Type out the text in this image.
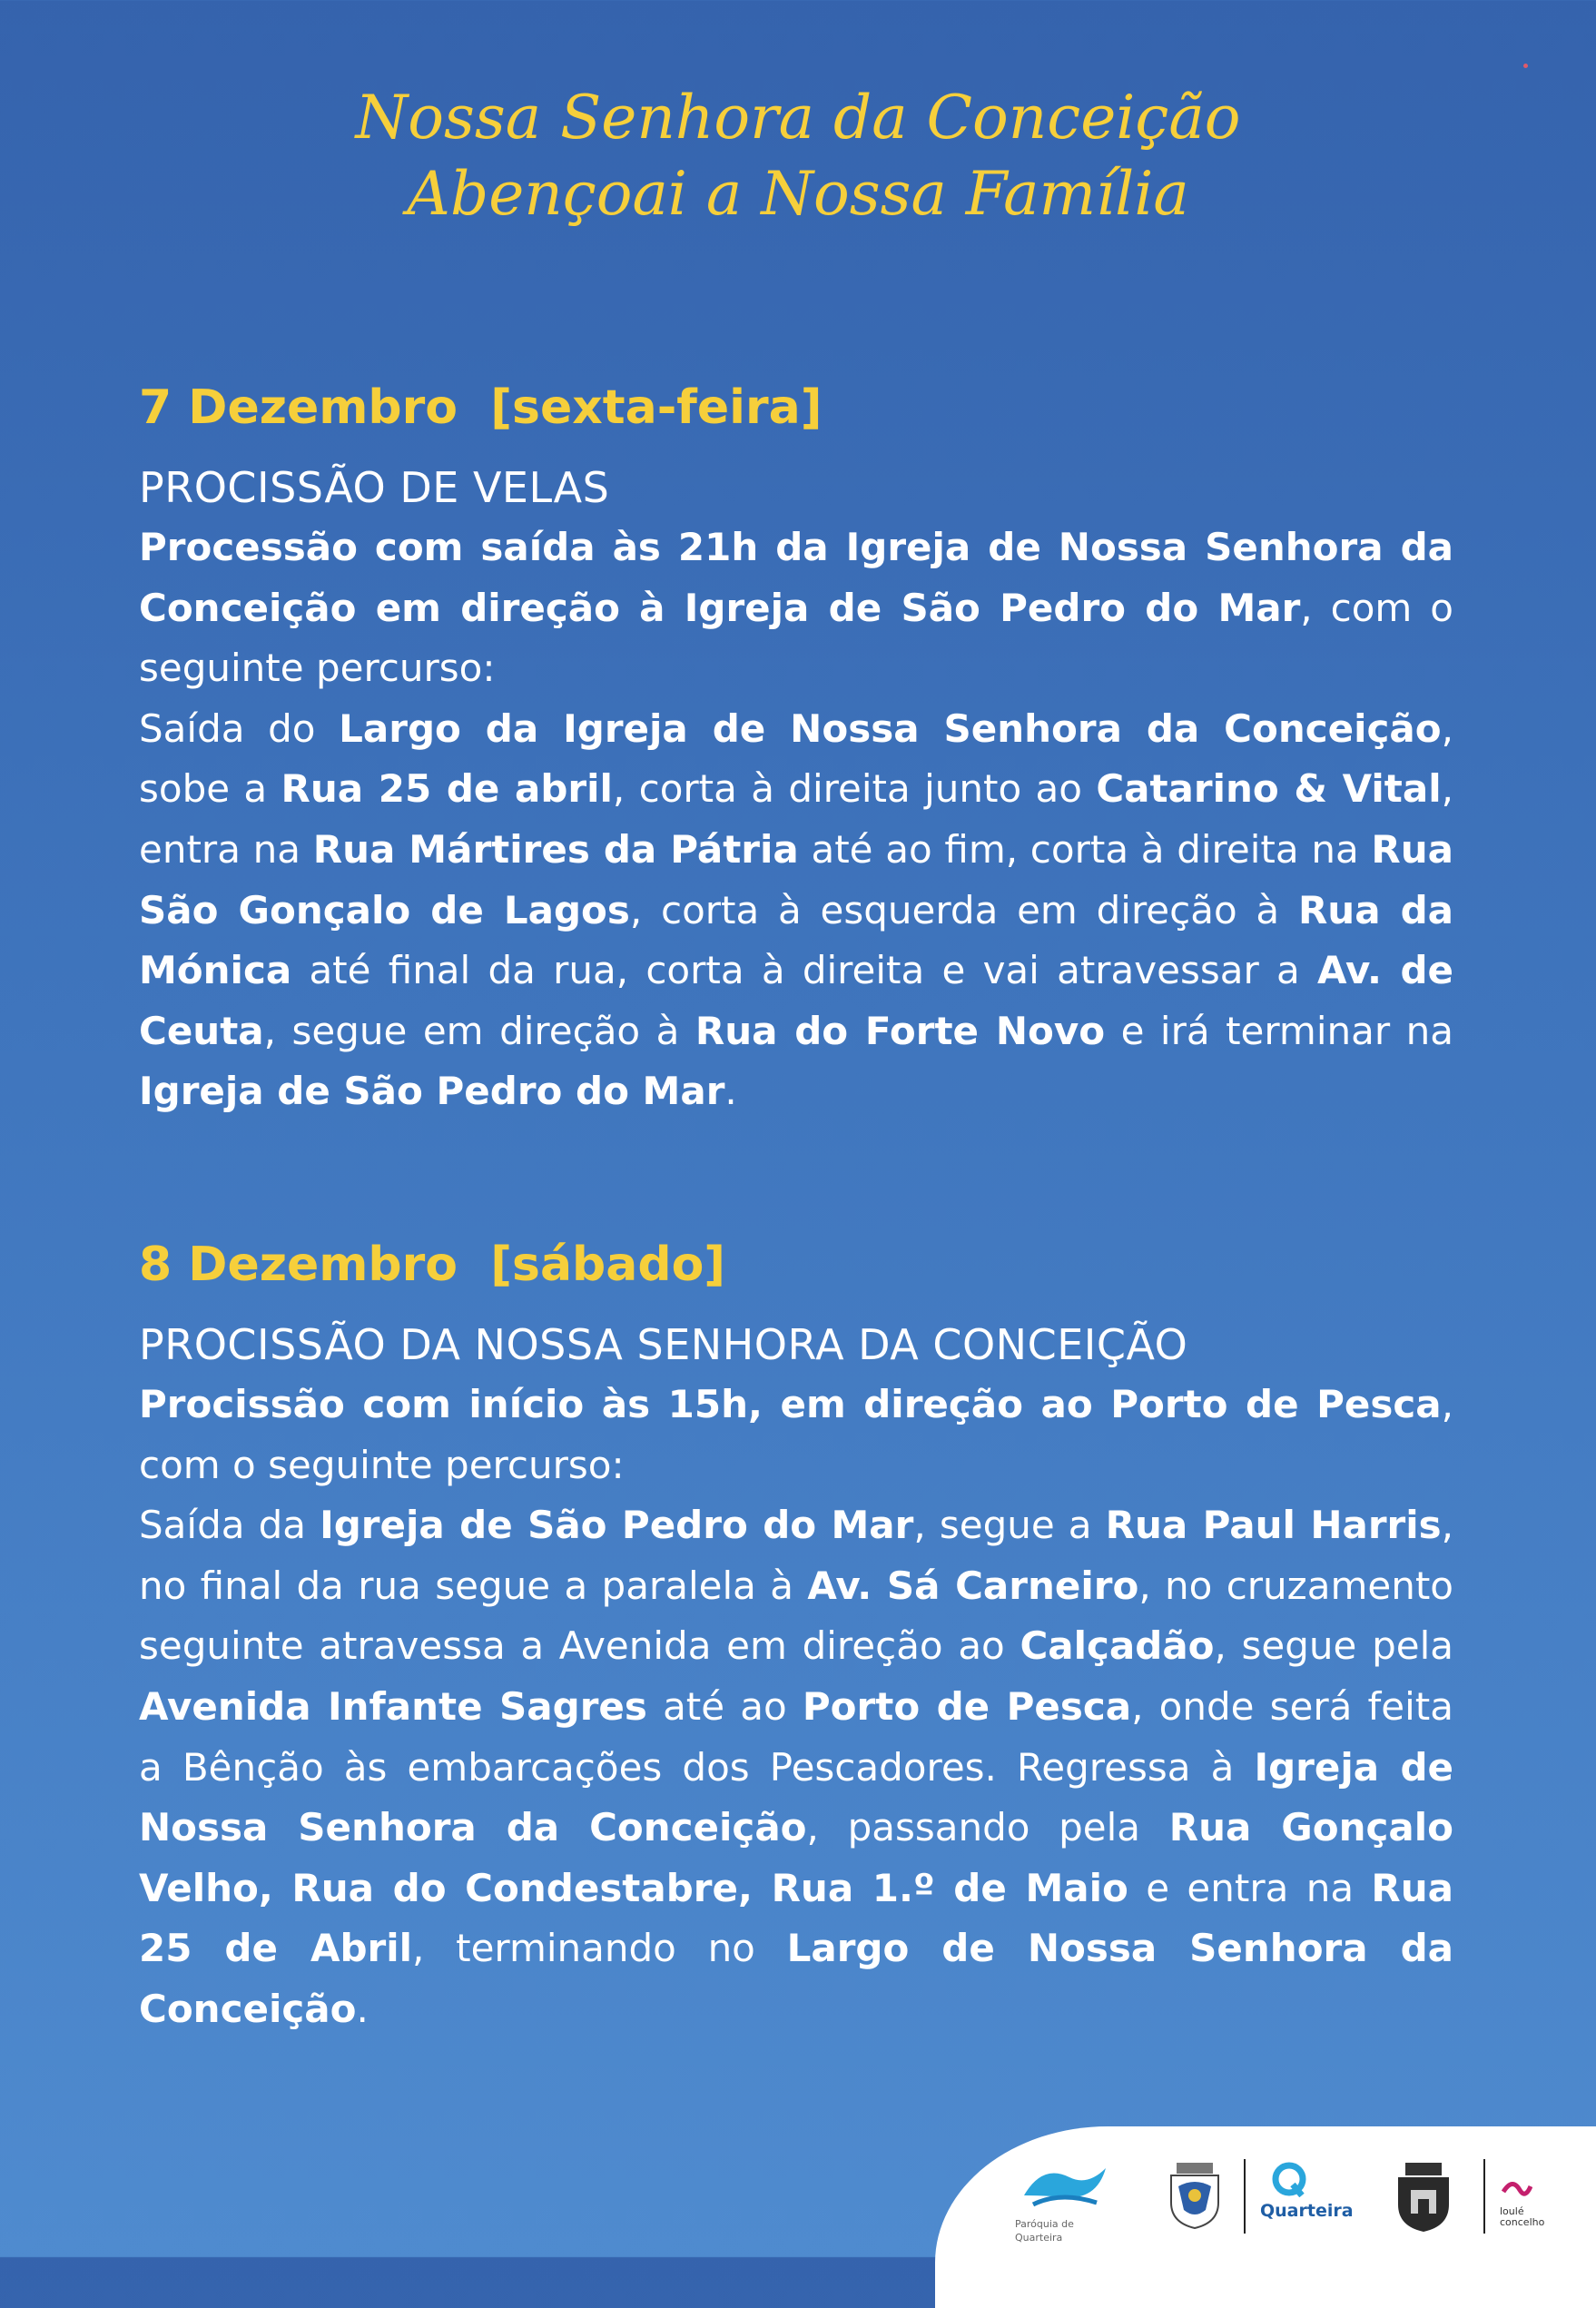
Nossa Senhora da Conceição
Abençoai a Nossa Família
7 Dezembro  [sexta-feira]
PROCISSÃO DE VELAS

Processão com saída às 21h da Igreja de Nossa Senhora da Conceição em direção à Igreja de São Pedro do Mar, com o seguinte percurso:

Saída do Largo da Igreja de Nossa Senhora da Conceição, sobe a Rua 25 de abril, corta à direita junto ao Catarino & Vital, entra na Rua Mártires da Pátria até ao fim, corta à direita na Rua São Gonçalo de Lagos, corta à esquerda em direção à Rua da Mónica até final da rua, corta à direita e vai atravessar a Av. de Ceuta, segue em direção à Rua do Forte Novo e irá terminar na Igreja de São Pedro do Mar.

8 Dezembro  [sábado]
PROCISSÃO DA NOSSA SENHORA DA CONCEIÇÃO

Procissão com início às 15h, em direção ao Porto de Pesca, com o seguinte percurso:

Saída da Igreja de São Pedro do Mar, segue a Rua Paul Harris, no final da rua segue a paralela à Av. Sá Carneiro, no cruzamento seguinte atravessa a Avenida em direção ao Calçadão, segue pela Avenida Infante Sagres até ao Porto de Pesca, onde será feita a Bênção às embarcações dos Pescadores. Regressa à Igreja de Nossa Senhora da Conceição, passando pela Rua Gonçalo Velho, Rua do Condestabre, Rua 1.º de Maio e entra na Rua 25 de Abril, terminando no Largo de Nossa Senhora da Conceição.

Paróquia de Quarteira
Quarteira	loulé concelho
